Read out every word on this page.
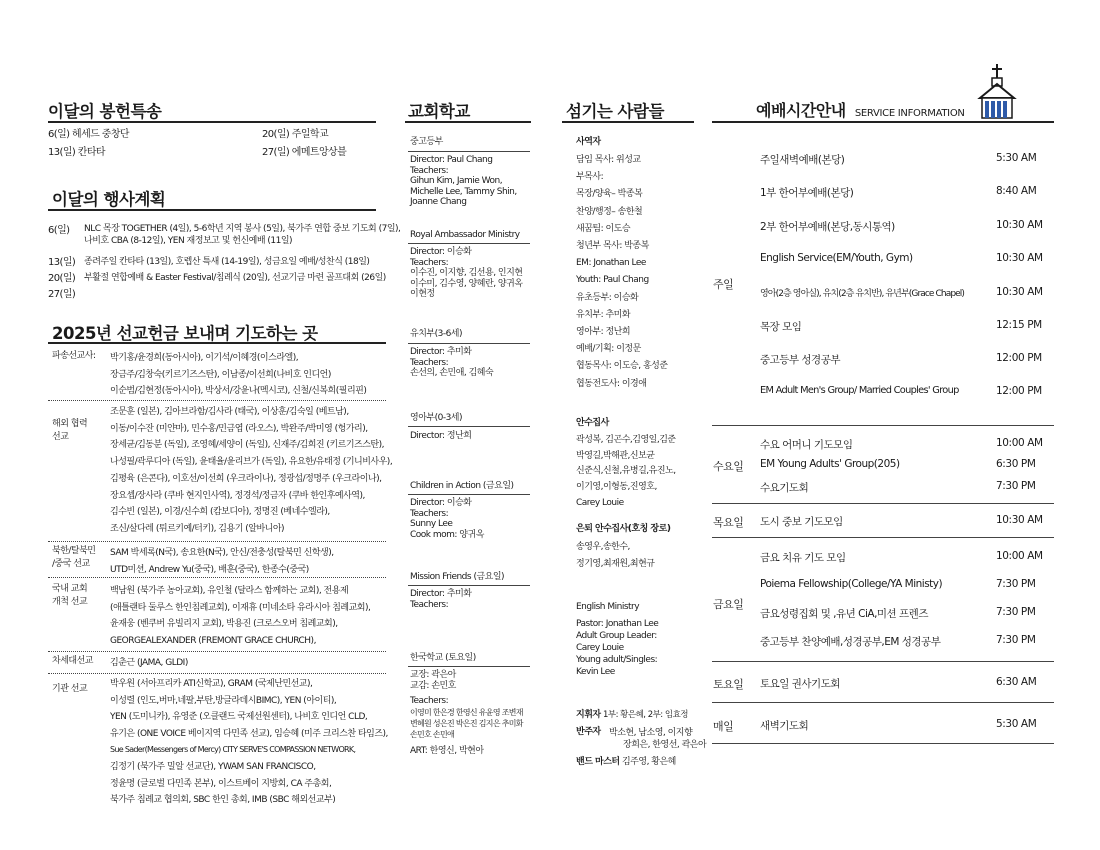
이달의 봉헌특송
6(일) 헤세드 중창단	20(일) 주일학교
13(일) 칸타타	27(일) 에메트앙상블
이달의 행사계획
6(일) NLC 목장 TOGETHER (4일), 5-6학년 지역 봉사 (5일), 북가주 연합 중보 기도회 (7일),
나비호 CBA (8-12일), YEN 재정보고 및 헌신예배 (11일)
13(일) 종려주일 칸타타 (13일), 호렙산 특새 (14-19일), 성금요일 예배/성찬식 (18일)
20(일) 부활절 연합예배 & Easter Festival/침례식 (20일), 선교기금 마련 골프대회 (26일)
27(일)
2025년 선교헌금 보내며 기도하는 곳
파송선교사: 박기홍/윤경희(동아시아), 이기석/이혜경(이스라엘),
장금주/김창숙(키르기즈스탄), 이남종/이선희(나비호 인디언)
이순범/김현정(동아시아), 박상서/강윤나(멕시코), 신철/신복희(필리핀)
해외 협력
선교
조문훈 (일본), 김아브라함/김사라 (태국), 이상훈/김숙일 (베트남),
이동/이수잔 (미얀마), 민수홍/민금엽 (라오스), 박완주/박미영 (헝가리),
장세균/김동분 (독일), 조영혜/세양이 (독일), 신재주/김희진 (키르기즈스탄),
나성필/곽루디아 (독일), 윤태율/윤리브가 (독일), 유요한/유태정 (기니비사우),
김평육 (은콘다), 이호선/이선희 (우크라이나), 정광섭/정명주 (우크라이나),
장요셉/장사라 (쿠바 현지인사역), 정경석/정금자 (쿠바 한인후예사역),
김수빈 (일본), 이경/신수희 (캄보디아), 정명진 (베네수엘라),
조신/살다레 (튀르키예/터키), 김용기 (알바니아)
북한/탈북민
/중국 선교
SAM 박세록(N국), 송요한(N국), 안신/전충성(탈북민 신학생),
UTD미션, Andrew Yu(중국), 배훈(중국), 한종수(중국)
국내 교회
개척 선교
백남원 (북가주 농아교회), 유인철 (달라스 함께하는 교회), 전용제
(애틀랜타 둘루스 한인침례교회), 이재휴 (미네소타 유라시아 침례교회),
윤재웅 (벤쿠버 유빌리지 교회), 박용진 (크로스오버 침례교회),
GEORGEALEXANDER (FREMONT GRACE CHURCH),
차세대선교 김춘근 (JAMA, GLDI)
기관 선교	박우원 (서아프리카 ATI신학교), GRAM (국제난민선교),
이성렬 (인도,버마,네팔,부탄,방글라데시BIMC), YEN (아이티),
YEN (도미니카), 유영준 (오클랜드 국제선원센터), 나비호 인디언 CLD,
유기은 (ONE VOICE 베이지역 다민족 선교), 임승혜 (미주 크리스찬 타임즈),
Sue Sader(Messengers of Mercy) CITY SERVE'S COMPASSION NETWORK,
김정기 (북가주 밀알 선교단), YWAM SAN FRANCISCO,
정윤명 (글로벌 다민족 본부), 이스트베이 지방회, CA 주총회,
북가주 침례교 협의회, SBC 한인 총회, IMB (SBC 해외선교부)
교회학교
중고등부
Director: Paul Chang
Teachers:
Gihun Kim, Jamie Won,
Michelle Lee, Tammy Shin,
Joanne Chang
Royal Ambassador Ministry
Director: 이승화
Teachers:
이수진, 이지향, 김선용, 인지현
이수미, 김수영, 양혜란, 양귀옥
이현정
유치부(3-6세)
Director: 추미화
Teachers:
손선의, 손민애, 김혜숙
영아부(0-3세)
Director: 정난희
Children in Action (금요일)
Director: 이승화
Teachers:
Sunny Lee
Cook mom: 양귀옥
Mission Friends (금요일)
Director: 추미화
Teachers:
한국학교 (토요일)
교장: 곽은아
교감: 손민호
Teachers:
이영미 한은경 한영신 유윤영 조변재
변혜원 성은진 박은진 김지은 추미화
손민호 손민애
ART: 한영신, 박현아
섬기는 사람들
사역자
담임 목사: 위성교
부목사:
목장/양육– 박종복
찬양/행정– 송한철
새꿈팀: 이도승
청년부 목사: 박종복
EM: Jonathan Lee
Youth: Paul Chang
유초등부: 이승화
유치부: 추미화
영아부: 정난희
예배/기획: 이정문
협동목사: 이도승, 홍성준
협동전도사: 이경애
안수집사
곽성복, 김곤수,김영일,김준
박영길,박해관,신보균
신준식,신철,유병길,유진노,
이기영,이형동,진영호,
Carey Louie
은퇴 안수집사(호칭 장로)
송영우,송한수,
정기영,최재원,최현규
English Ministry
Pastor: Jonathan Lee
Adult Group Leader:
Carey Louie
Young adult/Singles:
Kevin Lee
지휘자 1부: 황은혜, 2부: 임효정
반주자 박소현, 남소영, 이지향
장희은, 한영선, 곽은아
밴드 마스터 김주영, 황은혜
예배시간안내 SERVICE INFORMATION
주일
주일새벽예배(본당)	5:30 AM
1부 한어부예배(본당)	8:40 AM
2부 한어부예배(본당,동시통역)	10:30 AM
English Service(EM/Youth, Gym)	10:30 AM
영아(2층 영아실), 유치(2층 유치반), 유년부(Grace Chapel)	10:30 AM
목장 모임	12:15 PM
중고등부 성경공부	12:00 PM
EM Adult Men's Group/ Married Couples' Group	12:00 PM
수요일
수요 어머니 기도모임	10:00 AM
EM Young Adults' Group(205)	6:30 PM
수요기도회	7:30 PM
목요일 도시 중보 기도모임	10:30 AM
금요일
금요 치유 기도 모임	10:00 AM
Poiema Fellowship(College/YA Ministy)	7:30 PM
금요성령집회 및 ,유년 CiA,미션 프렌즈	7:30 PM
중고등부 찬양예배,성경공부,EM 성경공부	7:30 PM
토요일 토요일 권사기도회	6:30 AM
매일	새벽기도회	5:30 AM
